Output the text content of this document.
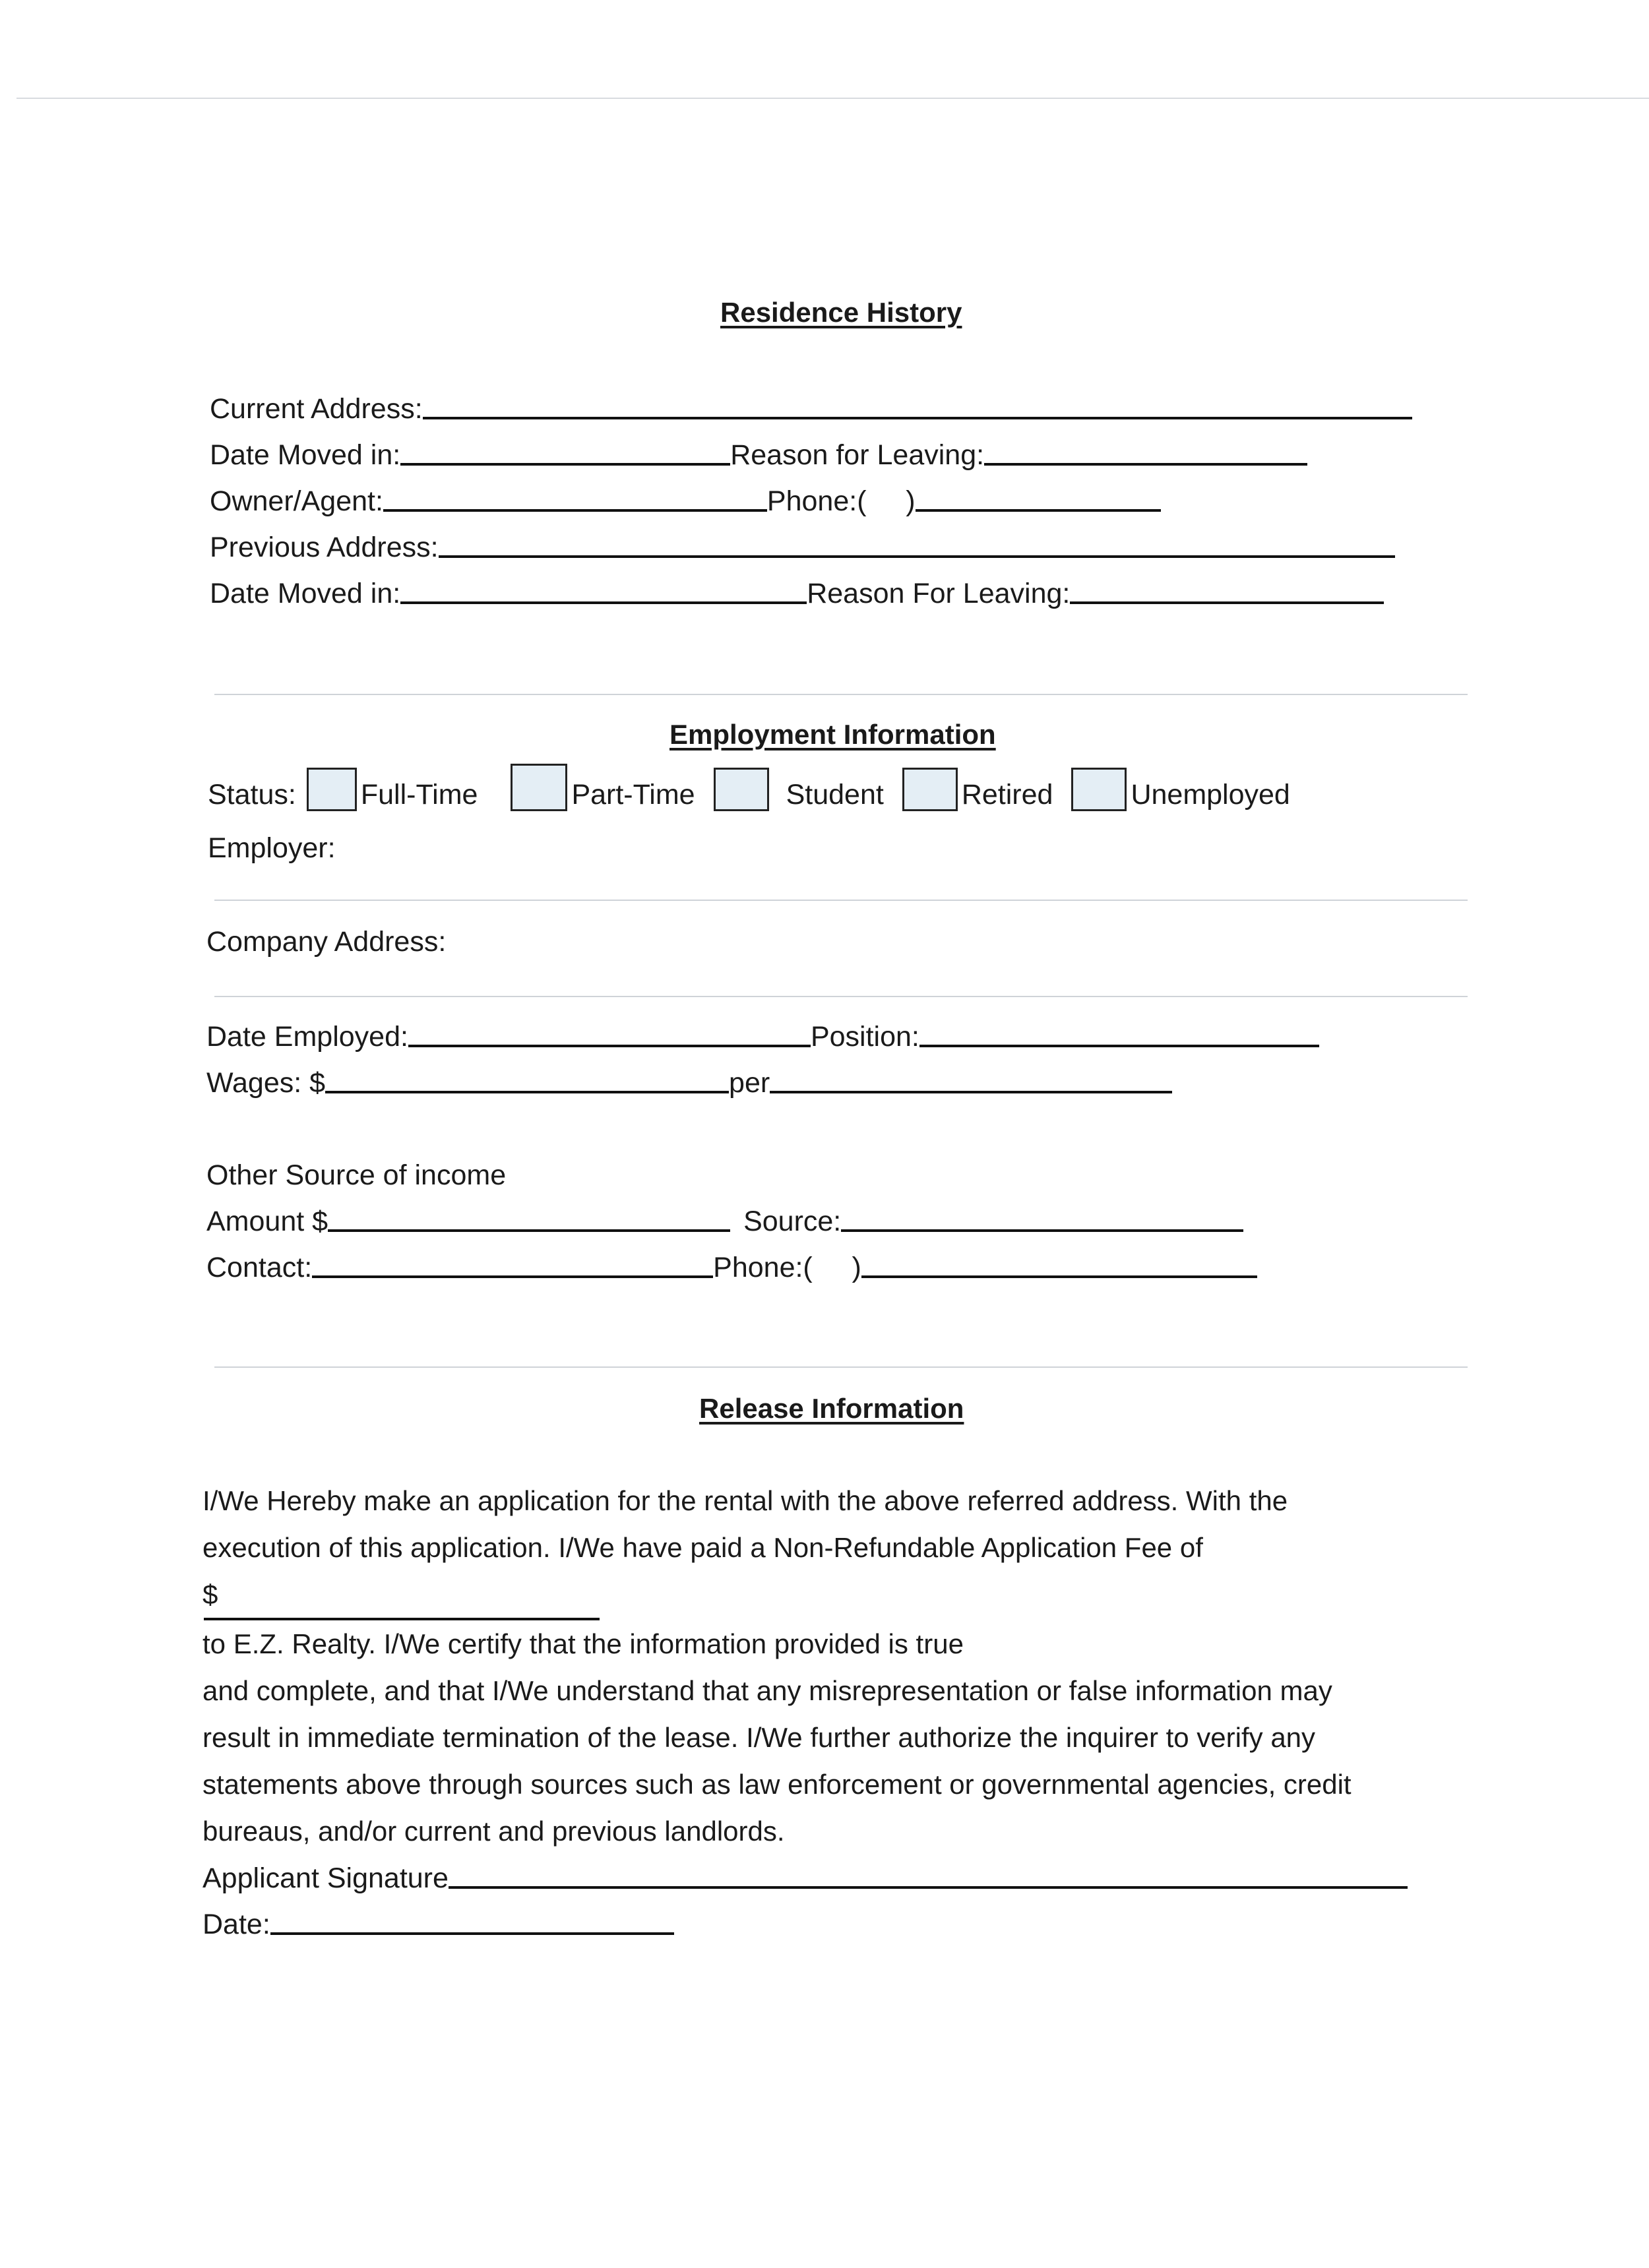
Residence History
Current Address:
Date Moved in:	Reason for Leaving:
Owner/Agent:	Phone:(     )
Previous Address:
Date Moved in:	Reason For Leaving:
Employment Information
Status: Full-Time	Part-Time	Student	Retired	Unemployed
Employer:
Company Address:
Date Employed:	Position:
Wages: $	per
Other Source of income
Amount $	Source:
Contact:	Phone:(     )
Release Information
I/We Hereby make an application for the rental with the above referred address. With the
execution of this application. I/We have paid a Non-Refundable Application Fee of
$
to E.Z. Realty. I/We certify that the information provided is true
and complete, and that I/We understand that any misrepresentation or false information may
result in immediate termination of the lease. I/We further authorize the inquirer to verify any
statements above through sources such as law enforcement or governmental agencies, credit
bureaus, and/or current and previous landlords.
Applicant Signature
Date:
